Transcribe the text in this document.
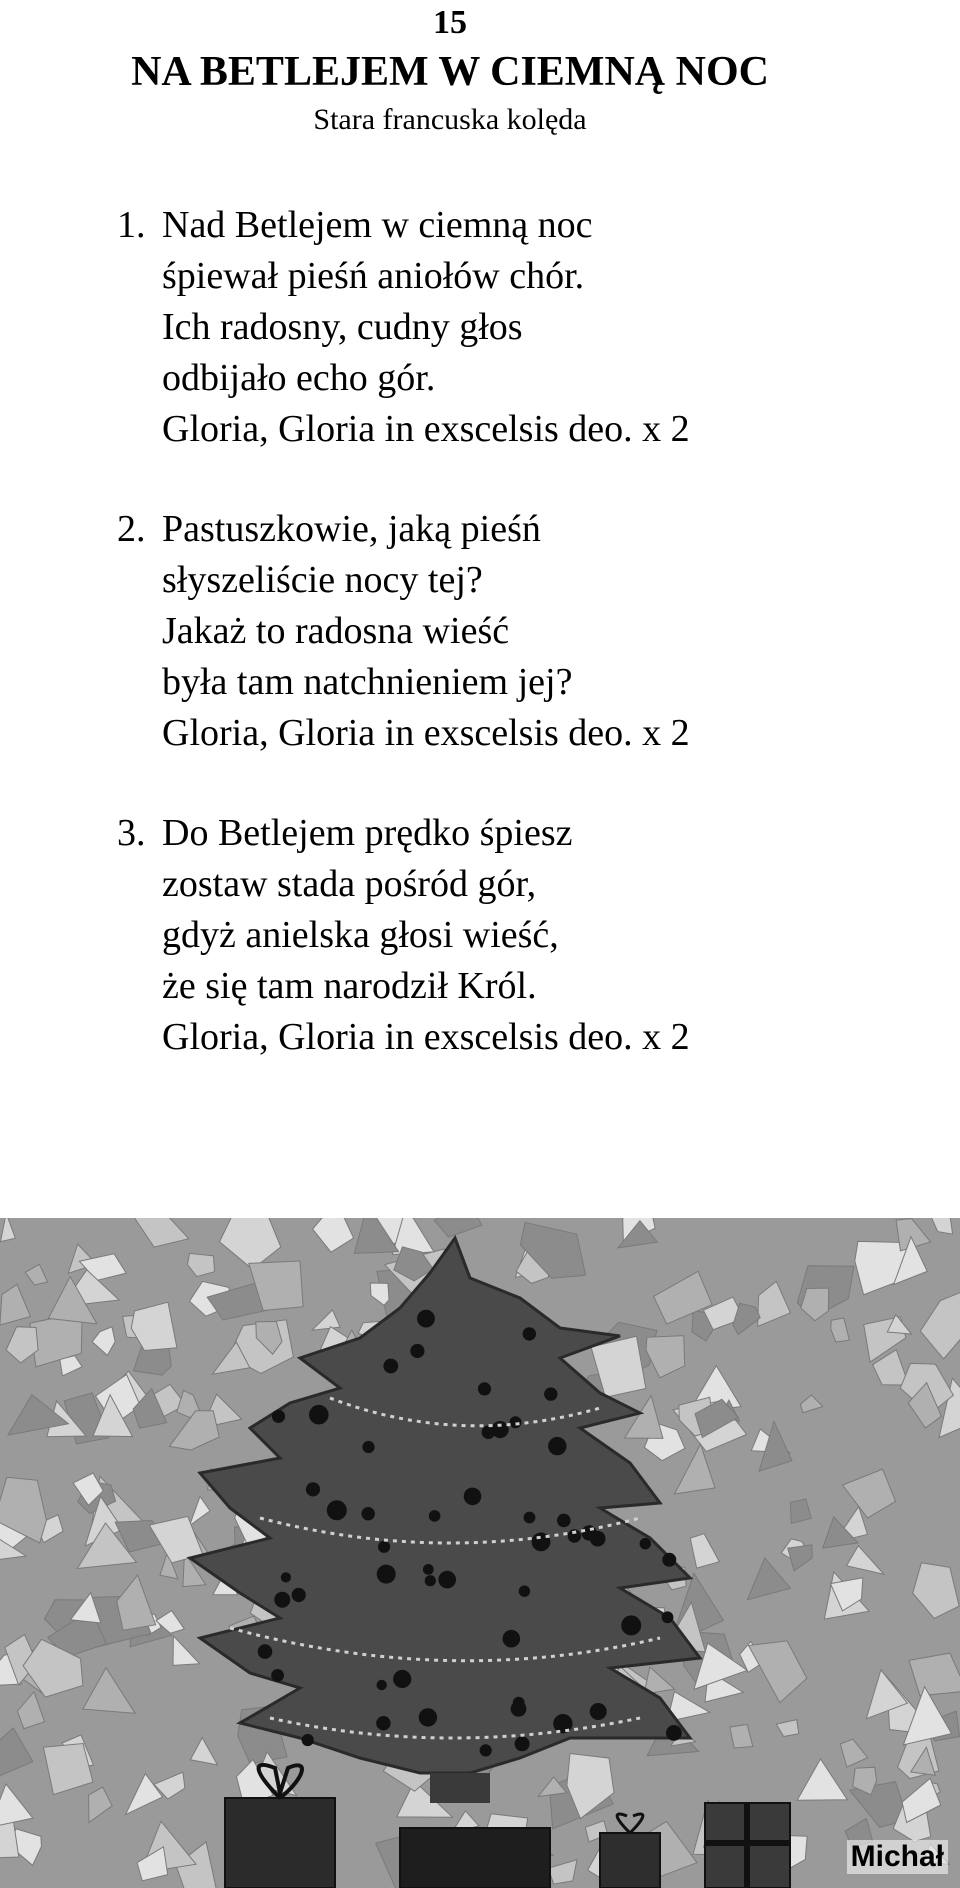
15
NA BETLEJEM W CIEMNĄ NOC
Stara francuska kolęda
1. Nad Betlejem w ciemną noc
śpiewał pieśń aniołów chór.
Ich radosny, cudny głos
odbijało echo gór.
Gloria, Gloria in exscelsis deo. x 2
2. Pastuszkowie, jaką pieśń
słyszeliście nocy tej?
Jakaż to radosna wieść
była tam natchnieniem jej?
Gloria, Gloria in exscelsis deo. x 2
3. Do Betlejem prędko śpiesz
zostaw stada pośród gór,
gdyż anielska głosi wieść,
że się tam narodził Król.
Gloria, Gloria in exscelsis deo. x 2
Michał
